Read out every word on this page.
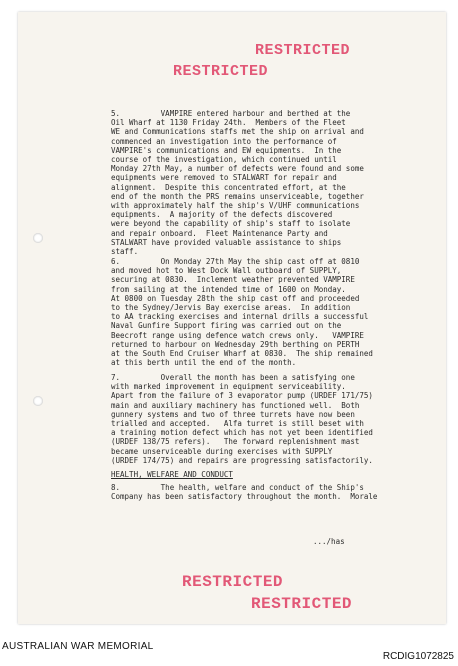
RESTRICTED
RESTRICTED
5.         VAMPIRE entered harbour and berthed at the
Oil Wharf at 1130 Friday 24th.  Members of the Fleet
WE and Communications staffs met the ship on arrival and
commenced an investigation into the performance of
VAMPIRE's communications and EW equipments.  In the
course of the investigation, which continued until
Monday 27th May, a number of defects were found and some
equipments were removed to STALWART for repair and
alignment.  Despite this concentrated effort, at the
end of the month the PRS remains unserviceable, together
with approximately half the ship's V/UHF communications
equipments.  A majority of the defects discovered
were beyond the capability of ship's staff to isolate
and repair onboard.  Fleet Maintenance Party and
STALWART have provided valuable assistance to ships
staff.
6.         On Monday 27th May the ship cast off at 0810
and moved hot to West Dock Wall outboard of SUPPLY,
securing at 0830.  Inclement weather prevented VAMPIRE
from sailing at the intended time of 1600 on Monday.
At 0800 on Tuesday 28th the ship cast off and proceeded
to the Sydney/Jervis Bay exercise areas.  In addition
to AA tracking exercises and internal drills a successful
Naval Gunfire Support firing was carried out on the
Beecroft range using defence watch crews only.   VAMPIRE
returned to harbour on Wednesday 29th berthing on PERTH
at the South End Cruiser Wharf at 0830.  The ship remained
at this berth until the end of the month.
7.         Overall the month has been a satisfying one
with marked improvement in equipment serviceability.
Apart from the failure of 3 evaporator pump (URDEF 171/75)
main and auxiliary machinery has functioned well.  Both
gunnery systems and two of three turrets have now been
trialled and accepted.   Alfa turret is still beset with
a training motion defect which has not yet been identified
(URDEF 138/75 refers).   The forward replenishment mast
became unserviceable during exercises with SUPPLY
(URDEF 174/75) and repairs are progressing satisfactorily.
HEALTH, WELFARE AND CONDUCT
8.         The health, welfare and conduct of the Ship's
Company has been satisfactory throughout the month.  Morale
.../has
RESTRICTED
RESTRICTED
AUSTRALIAN WAR MEMORIAL
RCDIG1072825
